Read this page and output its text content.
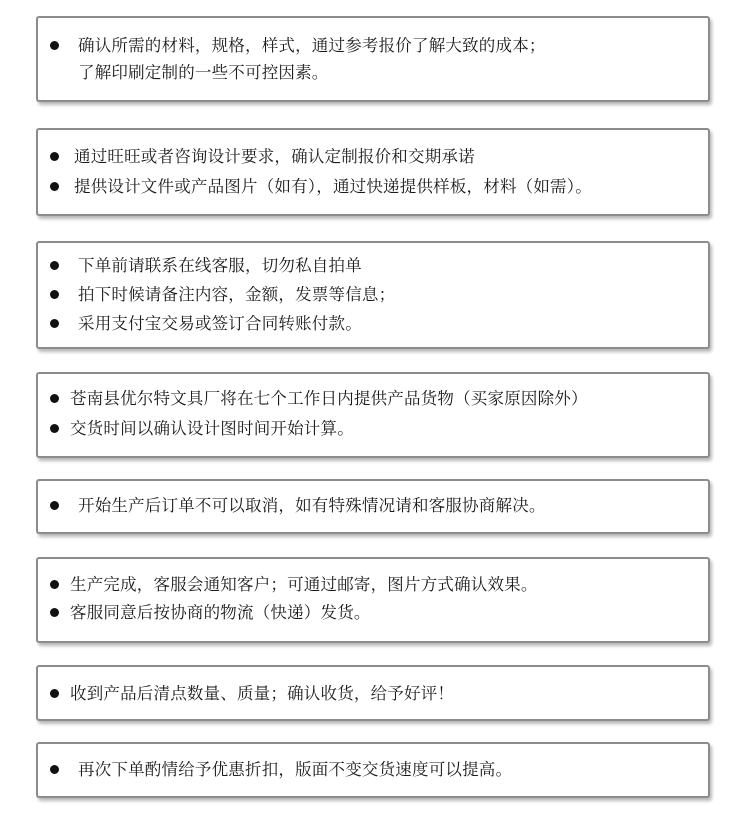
确认所需的材料，规格，样式，通过参考报价了解大致的成本；
了解印刷定制的一些不可控因素。
通过旺旺或者咨询设计要求，确认定制报价和交期承诺
提供设计文件或产品图片（如有），通过快递提供样板，材料（如需）。
下单前请联系在线客服，切勿私自拍单
拍下时候请备注内容，金额，发票等信息；
采用支付宝交易或签订合同转账付款。
苍南县优尔特文具厂将在七个工作日内提供产品货物（买家原因除外）
交货时间以确认设计图时间开始计算。
开始生产后订单不可以取消，如有特殊情况请和客服协商解决。
生产完成，客服会通知客户；可通过邮寄，图片方式确认效果。
客服同意后按协商的物流（快递）发货。
收到产品后清点数量、质量；确认收货，给予好评！
再次下单酌情给予优惠折扣，版面不变交货速度可以提高。
